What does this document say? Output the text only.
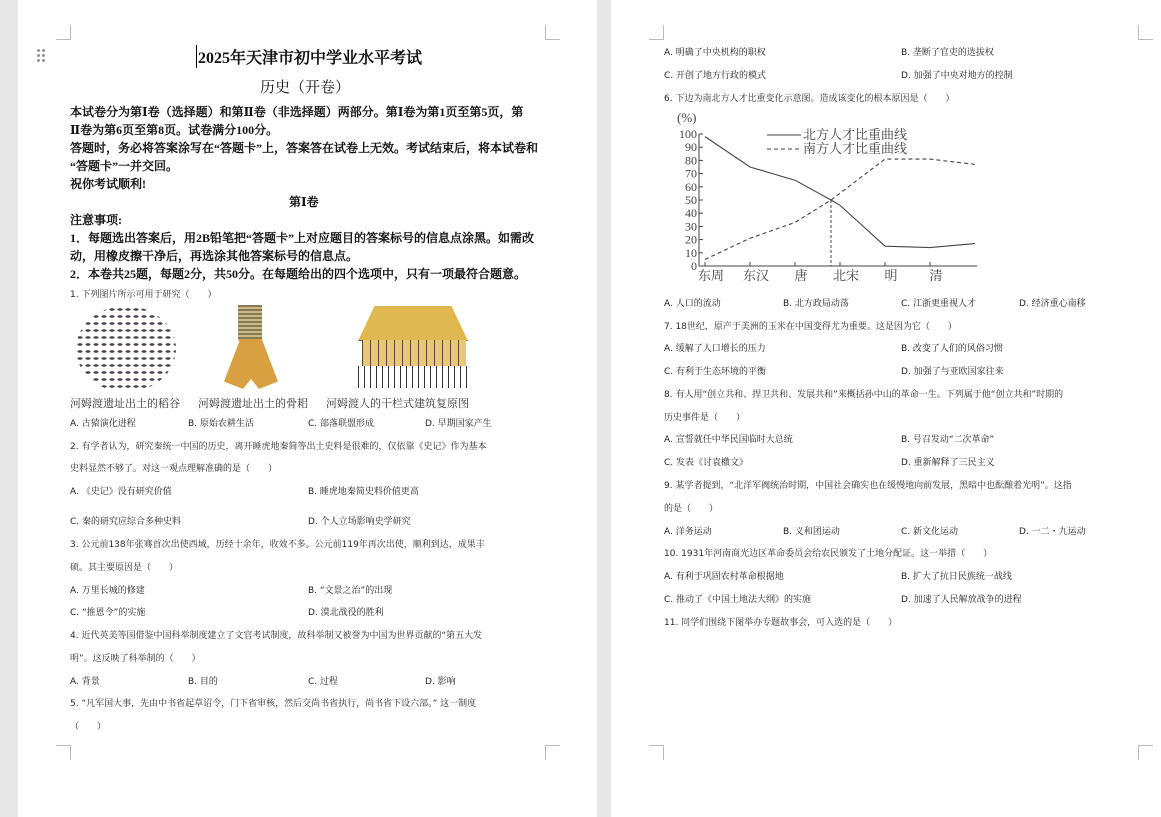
2025年天津市初中学业水平考试
历史（开卷）
本试卷分为第Ⅰ卷（选择题）和第Ⅱ卷（非选择题）两部分。第Ⅰ卷为第1页至第5页，第
Ⅱ卷为第6页至第8页。试卷满分100分。
答题时，务必将答案涂写在“答题卡”上，答案答在试卷上无效。考试结束后，将本试卷和
“答题卡”一并交回。
祝你考试顺利!
第Ⅰ卷
注意事项:
1．每题选出答案后，用2B铅笔把“答题卡”上对应题目的答案标号的信息点涂黑。如需改
动，用橡皮擦干净后，再选涂其他答案标号的信息点。
2．本卷共25题，每题2分，共50分。在每题给出的四个选项中，只有一项最符合题意。
1. 下列图片所示可用于研究（　　）
河姆渡遗址出土的稻谷 河姆渡遗址出土的骨耜 河姆渡人的干栏式建筑复原图
A. 古猿演化进程	B. 原始农耕生活	C. 部落联盟形成	D. 早期国家产生
2. 有学者认为，研究秦统一中国的历史，离开睡虎地秦简等出土史料是很难的，仅依靠《史记》作为基本
史料显然不够了。对这一观点理解准确的是（　　）
A. 《史记》没有研究价值	B. 睡虎地秦简史料价值更高
C. 秦的研究应综合多种史料	D. 个人立场影响史学研究
3. 公元前138年张骞首次出使西域，历经十余年，收效不多。公元前119年再次出使，顺利到达，成果丰
硕。其主要原因是（　　）
A. 万里长城的修建	B. “文景之治”的出现
C. “推恩令”的实施	D. 漠北战役的胜利
4. 近代英美等国借鉴中国科举制度建立了文官考试制度，故科举制又被誉为中国为世界贡献的“第五大发
明”。这反映了科举制的（　　）
A. 背景	B. 目的	C. 过程	D. 影响
5. “凡军国大事，先由中书省起草诏令，门下省审核，然后交尚书省执行，尚书省下设六部。” 这一制度
（　　）
A. 明确了中央机构的职权	B. 垄断了官吏的选拔权
C. 开创了地方行政的模式	D. 加强了中央对地方的控制
6. 下边为南北方人才比重变化示意图。造成该变化的根本原因是（　　）
(%)
0
10
20
30
40
50
60
70
80
90
100
东周 东汉 唐 北宋 明 清
北方人才比重曲线
南方人才比重曲线
A. 人口的流动	B. 北方政局动荡	C. 江浙更重视人才	D. 经济重心南移
7. 18世纪，原产于美洲的玉米在中国变得尤为重要。这是因为它（　　）
A. 缓解了人口增长的压力	B. 改变了人们的风俗习惯
C. 有利于生态环境的平衡	D. 加强了与亚欧国家往来
8. 有人用“创立共和、捍卫共和、发展共和”来概括孙中山的革命一生。下列属于他“创立共和”时期的
历史事件是（　　）
A. 宣誓就任中华民国临时大总统	B. 号召发动“二次革命”
C. 发表《讨袁檄文》	D. 重新解释了三民主义
9. 某学者提到，“北洋军阀统治时期，中国社会确实也在缓慢地向前发展，黑暗中也酝酿着光明”。这指
的是（　　）
A. 洋务运动	B. 义和团运动	C. 新文化运动	D. 一二・九运动
10. 1931年河南商光边区革命委员会给农民颁发了土地分配证。这一举措（　　）
A. 有利于巩固农村革命根据地	B. 扩大了抗日民族统一战线
C. 推动了《中国土地法大纲》的实施	D. 加速了人民解放战争的进程
11. 同学们围绕下图举办专题故事会，可入选的是（　　）
